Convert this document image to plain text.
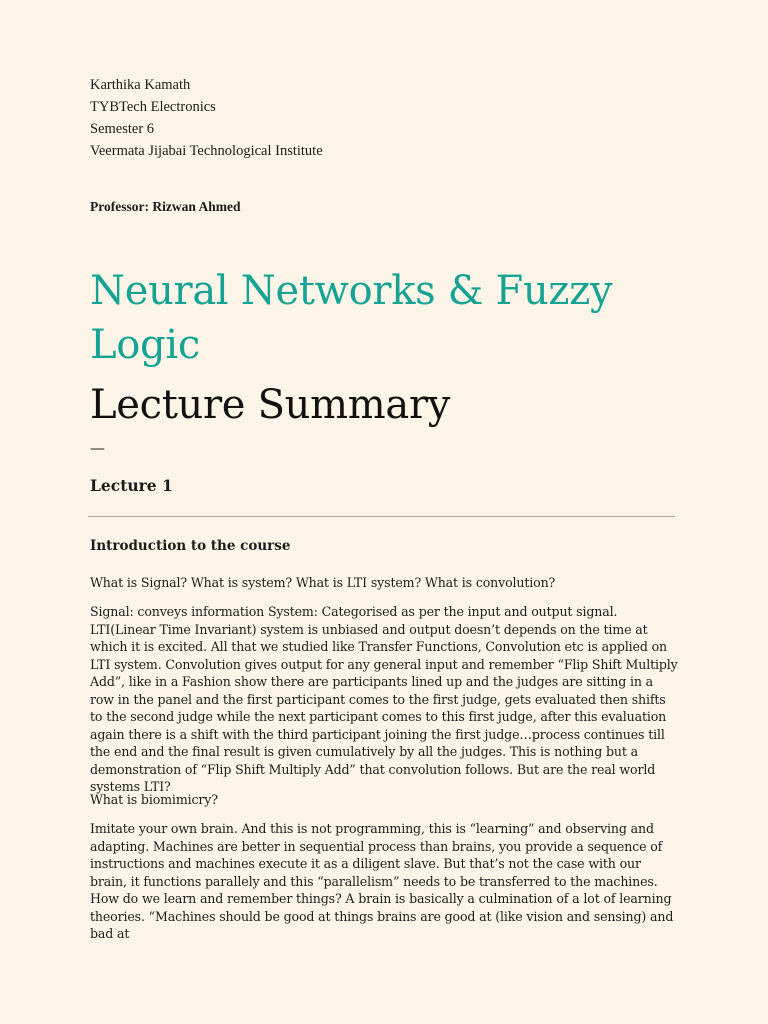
Karthika Kamath
TYBTech Electronics
Semester 6
Veermata Jijabai Technological Institute
Professor: Rizwan Ahmed
Neural Networks & Fuzzy Logic
Lecture Summary
—
Lecture 1
Introduction to the course

What is Signal? What is system? What is LTI system? What is convolution?

Signal: conveys information System: Categorised as per the input and output signal. LTI(Linear Time Invariant) system is unbiased and output doesn’t depends on the time at which it is excited. All that we studied like Transfer Functions, Convolution etc is applied on LTI system. Convolution gives output for any general input and remember “Flip Shift Multiply Add”, like in a Fashion show there are participants lined up and the judges are sitting in a row in the panel and the first participant comes to the first judge, gets evaluated then shifts to the second judge while the next participant comes to this first judge, after this evaluation again there is a shift with the third participant joining the first judge…process continues till the end and the final result is given cumulatively by all the judges. This is nothing but a demonstration of “Flip Shift Multiply Add” that convolution follows. But are the real world systems LTI?

What is biomimicry?

Imitate your own brain. And this is not programming, this is “learning” and observing and adapting. Machines are better in sequential process than brains, you provide a sequence of instructions and machines execute it as a diligent slave. But that’s not the case with our brain, it functions parallely and this “parallelism” needs to be transferred to the machines. How do we learn and remember things? A brain is basically a culmination of a lot of learning theories. “Machines should be good at things brains are good at (like vision and sensing) and bad at
